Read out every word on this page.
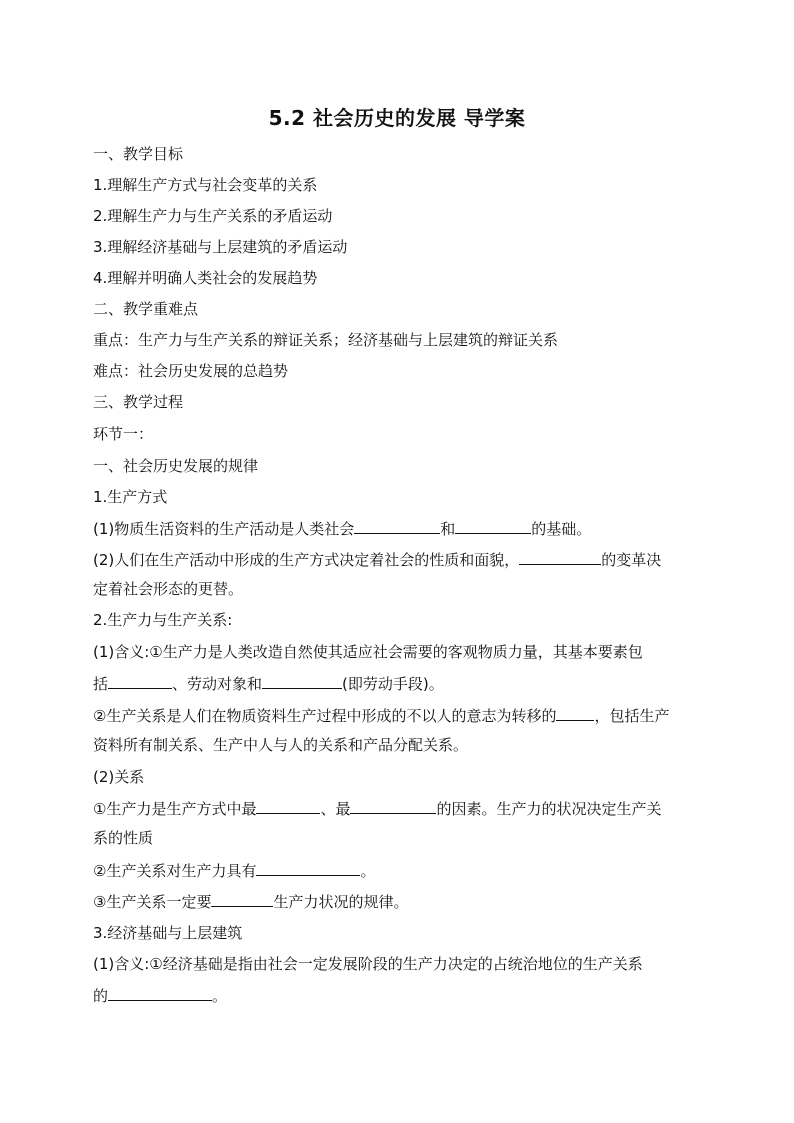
5.2 社会历史的发展 导学案
一、教学目标
1.理解生产方式与社会变革的关系
2.理解生产力与生产关系的矛盾运动
3.理解经济基础与上层建筑的矛盾运动
4.理解并明确人类社会的发展趋势
二、教学重难点
重点：生产力与生产关系的辩证关系；经济基础与上层建筑的辩证关系
难点：社会历史发展的总趋势
三、教学过程
环节一：
一、社会历史发展的规律
1.生产方式
(1)物质生活资料的生产活动是人类社会	和	的基础。
(2)人们在生产活动中形成的生产方式决定着社会的性质和面貌，	的变革决
定着社会形态的更替。
2.生产力与生产关系:
(1)含义:①生产力是人类改造自然使其适应社会需要的客观物质力量，其基本要素包
括	、劳动对象和	(即劳动手段)。
②生产关系是人们在物质资料生产过程中形成的不以人的意志为转移的	，包括生产
资料所有制关系、生产中人与人的关系和产品分配关系。
(2)关系
①生产力是生产方式中最	、最	的因素。生产力的状况决定生产关
系的性质
②生产关系对生产力具有	。
③生产关系一定要	生产力状况的规律。
3.经济基础与上层建筑
(1)含义:①经济基础是指由社会一定发展阶段的生产力决定的占统治地位的生产关系
的	。
